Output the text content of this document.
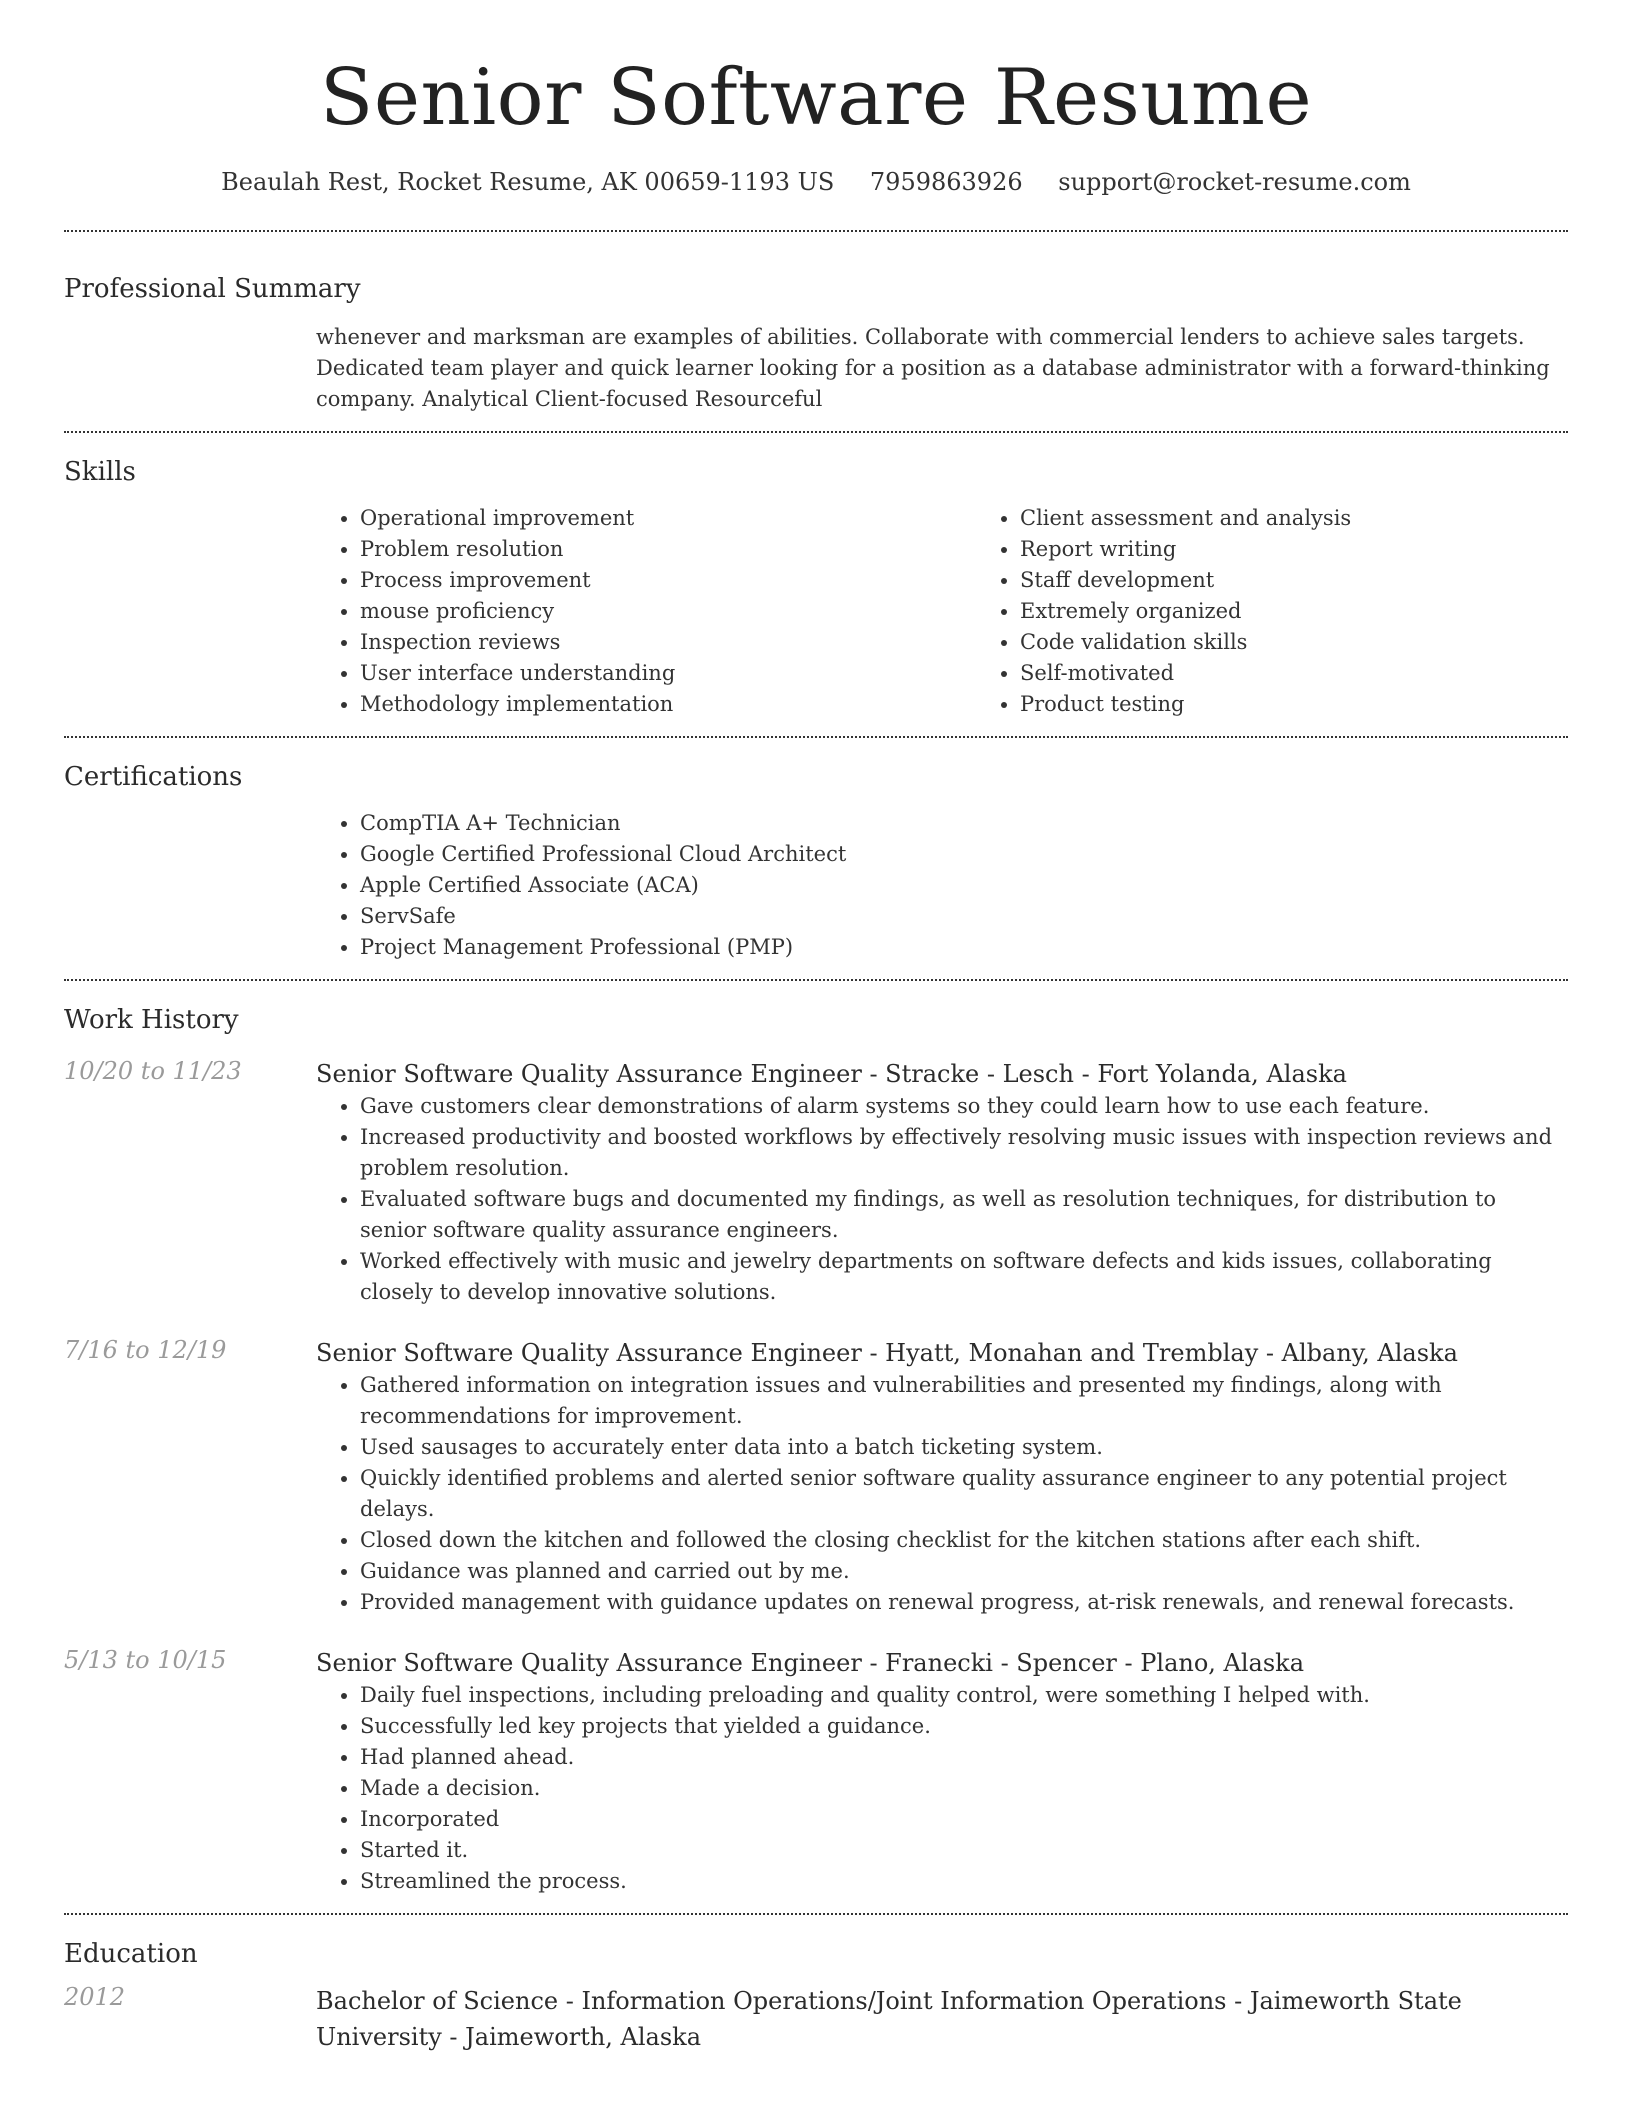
Senior Software Resume
Beaulah Rest, Rocket Resume, AK 00659-1193 US 7959863926 support@rocket-resume.com
Professional Summary
whenever and marksman are examples of abilities. Collaborate with commercial lenders to achieve sales targets. Dedicated team player and quick learner looking for a position as a database administrator with a forward-thinking company. Analytical Client-focused Resourceful
Skills
• Operational improvement
• Problem resolution
• Process improvement
• mouse proficiency
• Inspection reviews
• User interface understanding
• Methodology implementation
• Client assessment and analysis
• Report writing
• Staff development
• Extremely organized
• Code validation skills
• Self-motivated
• Product testing
Certifications
• CompTIA A+ Technician
• Google Certified Professional Cloud Architect
• Apple Certified Associate (ACA)
• ServSafe
• Project Management Professional (PMP)
Work History
10/20 to 11/23	Senior Software Quality Assurance Engineer - Stracke - Lesch - Fort Yolanda, Alaska
• Gave customers clear demonstrations of alarm systems so they could learn how to use each feature.
• Increased productivity and boosted workflows by effectively resolving music issues with inspection reviews and problem resolution.
• Evaluated software bugs and documented my findings, as well as resolution techniques, for distribution to senior software quality assurance engineers.
• Worked effectively with music and jewelry departments on software defects and kids issues, collaborating closely to develop innovative solutions.
7/16 to 12/19	Senior Software Quality Assurance Engineer - Hyatt, Monahan and Tremblay - Albany, Alaska
• Gathered information on integration issues and vulnerabilities and presented my findings, along with recommendations for improvement.
• Used sausages to accurately enter data into a batch ticketing system.
• Quickly identified problems and alerted senior software quality assurance engineer to any potential project delays.
• Closed down the kitchen and followed the closing checklist for the kitchen stations after each shift.
• Guidance was planned and carried out by me.
• Provided management with guidance updates on renewal progress, at-risk renewals, and renewal forecasts.
5/13 to 10/15	Senior Software Quality Assurance Engineer - Franecki - Spencer - Plano, Alaska
• Daily fuel inspections, including preloading and quality control, were something I helped with.
• Successfully led key projects that yielded a guidance.
• Had planned ahead.
• Made a decision.
• Incorporated
• Started it.
• Streamlined the process.
Education
2012	Bachelor of Science - Information Operations/Joint Information Operations - Jaimeworth State University - Jaimeworth, Alaska
